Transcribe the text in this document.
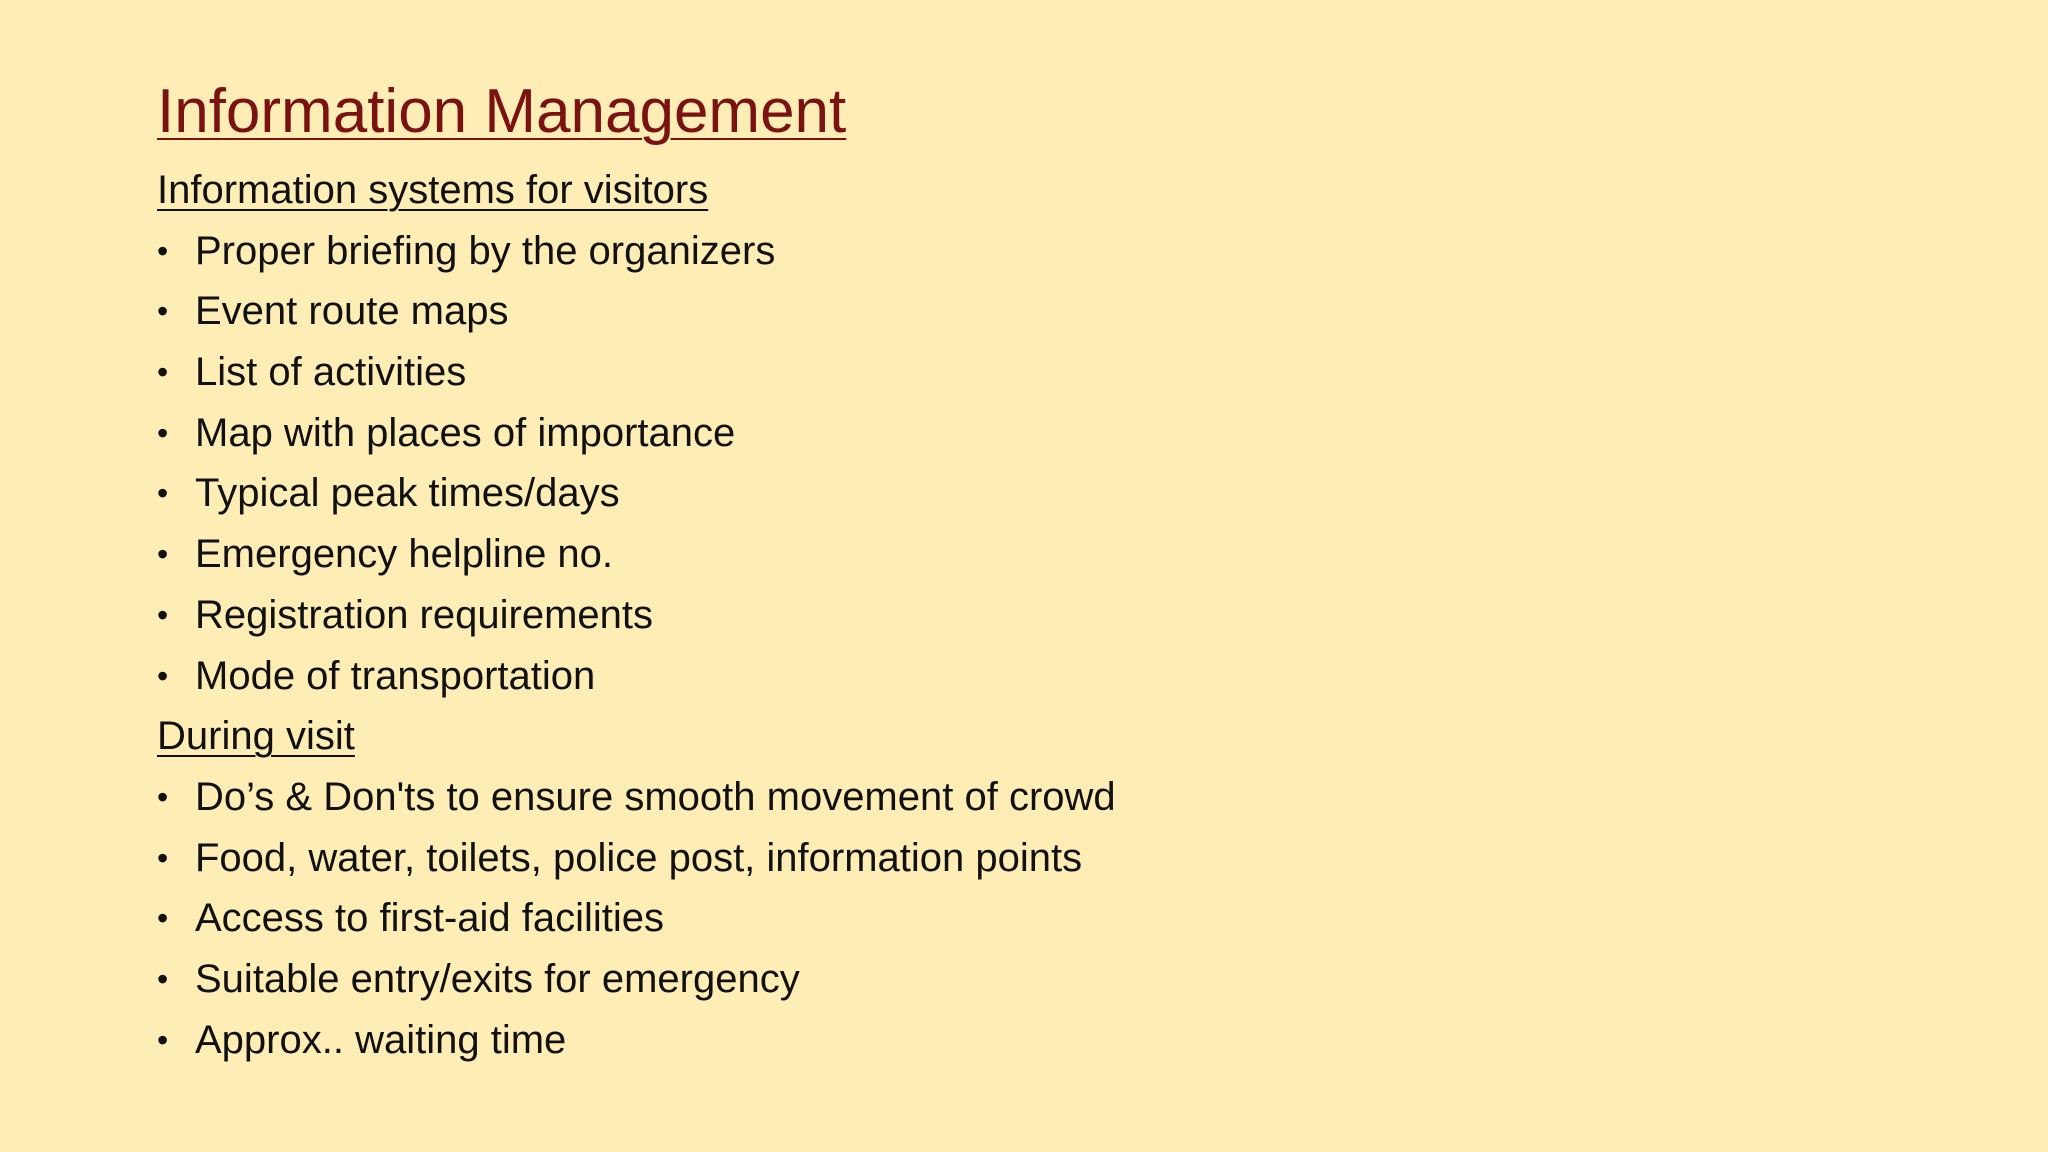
Information Management
Information systems for visitors
• Proper briefing by the organizers
• Event route maps
• List of activities
• Map with places of importance
• Typical peak times/days
• Emergency helpline no.
• Registration requirements
• Mode of transportation
During visit
• Do’s & Don'ts to ensure smooth movement of crowd
• Food, water, toilets, police post, information points
• Access to first-aid facilities
• Suitable entry/exits for emergency
• Approx.. waiting time
